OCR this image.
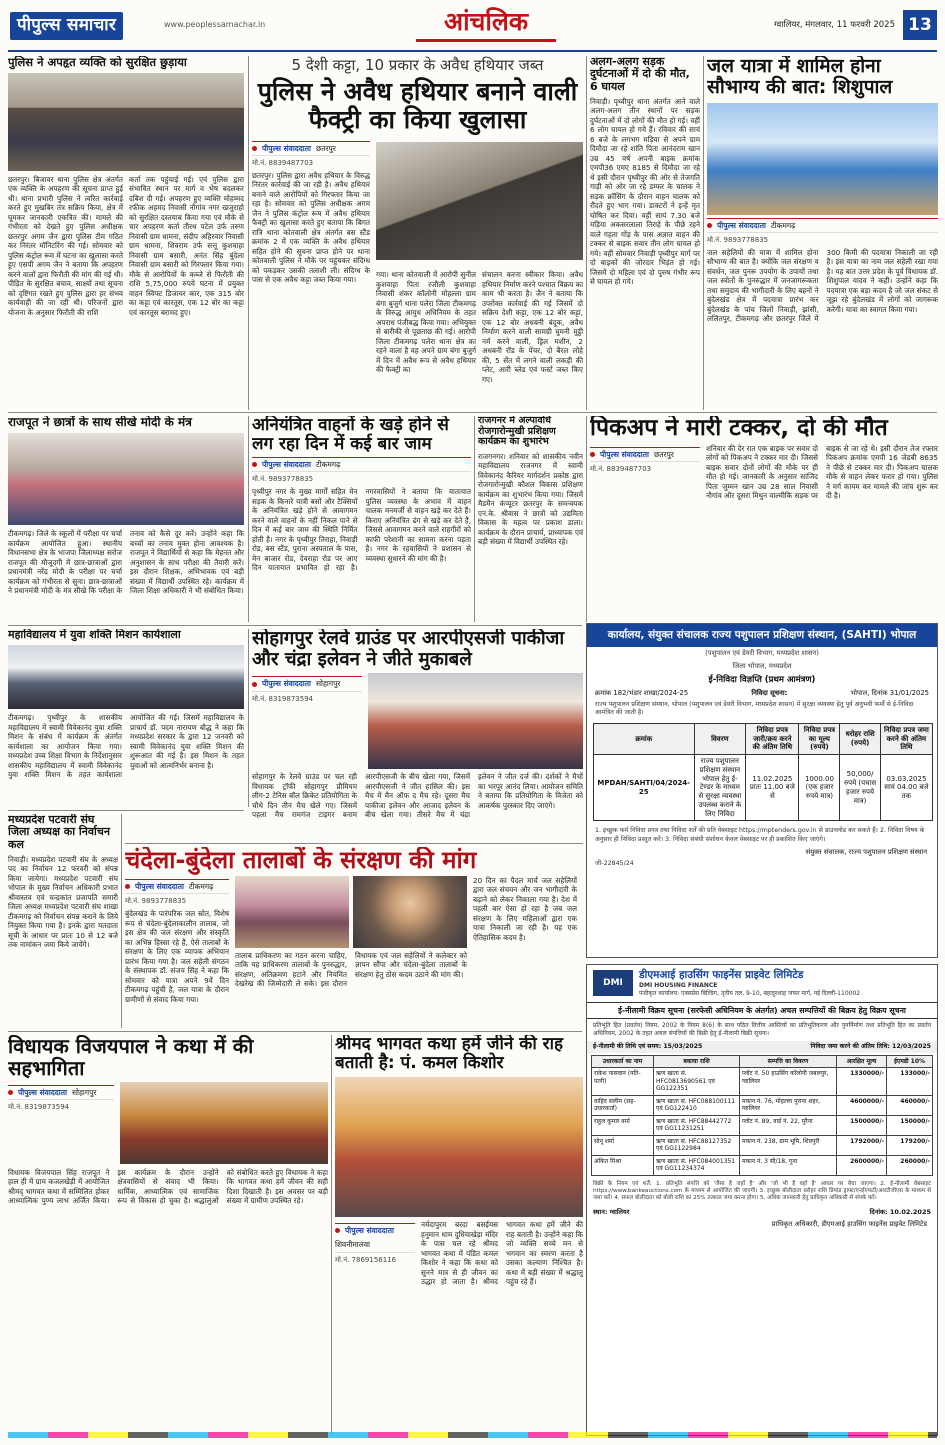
पीपुल्स समाचार	www.peoplessamachar.in	आंचलिक	ग्वालियर, मंगलवार, 11 फरवरी 2025 13
पुलिस ने अपहृत व्यक्ति को सुरक्षित छुड़ाया
छतरपुर। बिजावर थाना पुलिस क्षेत्र अंतर्गत एक व्यक्ति के अपहरण की सूचना प्राप्त हुई थी। थाना प्रभारी पुलिस ने त्वरित कार्रवाई करते हुए मुखबिर तंत्र सक्रिय किया, क्षेत्र में घूमकर जानकारी एकत्रित की। मामले की गंभीरता को देखते हुए पुलिस अधीक्षक छतरपुर अगम जैन द्वारा पुलिस टीम गठित कर निरंतर मॉनिटरिंग की गई। सोमवार को पुलिस कंट्रोल रूम में घटना का खुलासा करते हुए एसपी अगम जैन ने बताया कि अपहरण करने वालों द्वारा फिरौती की मांग की गई थी। पीड़ित के सुरक्षित बचाव, साक्ष्यों तथा सूचना को दृष्टिगत रखते हुए पुलिस द्वारा हर संभव कार्यवाही की जा रही थी। परिजनों द्वारा योजना के अनुसार फिरौती की राशि
कर्ता तक पहुंचाई गई। एवं पुलिस द्वारा संभावित स्थान पर मार्ग व भेष बदलकर दबिश दी गई। अपहरण हुए व्यक्ति मोहम्मद रफीक अहमद निवासी नौगांव नगर खजुराहो को सुरक्षित दस्तयाब किया गया एवं मौके से चार अपहरण कर्ता तीरथ पटेल उर्फ तरुण निवासी ग्राम धामना, संदीप अहिरवार निवासी ग्राम धामना, शिवराम उर्फ सत्तू कुशवाहा निवासी ग्राम बसारी, अनंत सिंह बुंदेला निवासी ग्राम बसारी को गिरफ्तार किया गया। मौके से आरोपियों के कब्जे से फिरौती की राशि 5,75,000 रुपये घटना में प्रयुक्त वाहन स्विफ्ट डिजायर कार, एक 315 बोर का कट्टा एवं कारतूस, एक 12 बोर का कट्टा एवं कारतूस बरामद हुए।
5 देशी कट्टा, 10 प्रकार के अवैध हथियार जब्त
पुलिस ने अवैध हथियार बनाने वाली फैक्ट्री का किया खुलासा
पीपुल्स संवाददाता छतरपुर
मो.नं. 8839487703
छतरपुर। पुलिस द्वारा अवैध हथियार के विरुद्ध निरंतर कार्रवाई की जा रही है। अवैध हथियार बनाने वाले आरोपियों को गिरफ्तार किया जा रहा है। सोमवार को पुलिस अधीक्षक अगम जैन ने पुलिस कंट्रोल रूम में अवैध हथियार फैक्ट्री का खुलासा करते हुए बताया कि बिगत रात्रि थाना कोतवाली क्षेत्र अंतर्गत बस स्टैंड क्रमांक 2 में एक व्यक्ति के अवैध हथियार सहित होने की सूचना प्राप्त होने पर थाना कोतवाली पुलिस ने मौके पर पहुंचकर संदिग्ध को पकड़कर उसकी तलाशी ली। संदिग्ध के पास से एक अवैध कट्टा जब्त किया गया।
गया। थाना कोतवाली में आरोपी सुनील कुशवाहा पिता रजौली कुशवाहा निवासी शंकर कॉलोनी मोहल्ला ग्राम बंगा बुजुर्ग थाना पलेरा जिला टीकमगढ़ के विरुद्ध आयुध अधिनियम के तहत अपराध पंजीबद्ध किया गया। अभियुक्त से बारीकी से पूछताछ की गई। आरोपी जिला टीकमगढ़ पलेरा थाना क्षेत्र का रहने वाला है वह अपने ग्राम बंगा बुजुर्ग में दिन में अवैध रूप से अवैध हथियार की फैक्ट्री का
संचालन करना स्वीकार किया। अवैध हथियार निर्माण करने पश्चात विक्रय का काम भी करता है। जैन ने बताया कि उपरोक्त कार्रवाई की गई जिसमें दो सक्रिय देशी कट्टा, एक 12 बोर कट्टा, एक 12 बोर अधबनी बंदूक, अवैध निर्माण करने वाली सामग्री घुमनी मुट्ठी नर्म करने वाली, ड्रिल मशीन, 2 अधबनी रॉड के पेंचर, दो बैरल लोहे की, 5 सेंत में लगने वाली लकड़ी की प्लेट, आरी ब्लेड एवं फर्स्ट जब्त किए गए।
अलग-अलग सड़क दुर्घटनाओं में दो की मौत, 6 घायल
निवाड़ी। पृथ्वीपुर थाना अंतर्गत आने वाले अलग-अलग तीन स्थानों पर सड़क दुर्घटनाओं में दो लोगों की मौत हो गई। वहीं 6 लोग घायल हो गये हैं। रविवार की सायं 6 बजे के लगभग मड़िया से अपने ग्राम दिमौदा जा रहे शांति पिता आनंदराम खान उम्र 45 वर्ष अपनी बाइक क्रमांक एमपी36 एमए 8185 से दिमौदा जा रहे थे इसी दौरान पृथ्वीपुर की ओर से तेजगति गाड़ी को ओर जा रहे डम्फर के चालक ने सड़क क्रॉसिंग के दौरान वाहन चालक को रौंदते हुए भाग गया। डाक्टरों ने इन्हें मृत घोषित कर दिया। वहीं सायं 7.30 बजे मड़िया अकसरलाला तिराहे के पीछे रहने वाले गहता गोंड़ के पास अज्ञात वाहन की टक्कर से बाइक सवार तीन लोग घायल हो गये। वहीं सोमवार निवाड़ी पृथ्वीपुर मार्ग पर दो बाइकों की जोरदार भिड़ंत हो गई। जिसमें दो महिला एवं दो पुरुष गंभीर रूप से घायल हो गये।
जल यात्रा में शामिल होना सौभाग्य की बात: शिशुपाल
पीपुल्स संवाददाता टीकमगढ़
मो.नं. 9893778835
जल सहेलियों की यात्रा में शामिल होना सौभाग्य की बात है। क्योंकि जल संरक्षण व संवर्धन, जल पुनरू उपयोग के उपायों तथा जल स्त्रोतों के पुनरुद्धार में जनजागरूकता तथा समुदाय की भागीदारी के लिए बहनों ने बुंदेलखंड क्षेत्र में पदयात्रा प्रारंभ कर बुंदेलखंड के पांच जिलों निवाड़ी, झांसी, ललितपुर, टीकमगढ़ और छतरपुर जिले में 300 किमी की पदयात्रा निकाली जा रही है। इस यात्रा का नाम जल सहेली रखा गया है। यह बात उत्तर प्रदेश के पूर्व विधायक डॉ. शिशुपाल यादव ने कही। उन्होंने कहा कि पदयात्रा एक बड़ा कदम है जो जल संकट से जूझ रहे बुंदेलखंड में लोगों को जागरूक करेगी। यात्रा का स्वागत किया गया।
राजपूत ने छात्रों के साथ सीखे मोदी के मंत्र
टीकमगढ़। जिले के स्कूलों में परीक्षा पर चर्चा कार्यक्रम आयोजित हुआ। स्थानीय विधानसभा क्षेत्र के भाजपा जिलाध्यक्ष सरोज राजपूत की मौजूदगी में छात्र-छात्राओं द्वारा प्रधानमंत्री नरेंद्र मोदी के परीक्षा पर चर्चा कार्यक्रम को गंभीरता से सुना। छात्र-छात्राओं ने प्रधानमंत्री मोदी के मंत्र सीखे कि परीक्षा के तनाव को कैसे दूर करें। उन्होंने कहा कि बच्चों का तनाव मुक्त होना आवश्यक है। राजपूत ने विद्यार्थियों से कहा कि मेहनत और अनुशासन के साथ परीक्षा की तैयारी करें। इस दौरान शिक्षक, अभिभावक एवं बड़ी संख्या में विद्यार्थी उपस्थित रहे। कार्यक्रम में जिला शिक्षा अधिकारी ने भी संबोधित किया।
अनियंत्रित वाहनों के खड़े होने से लग रहा दिन में कई बार जाम
पीपुल्स संवाददाता टीकमगढ़
मो.नं. 9893778835
पृथ्वीपुर नगर के मुख्य मार्गों सहित मेन सड़क के किनारे यात्री बसों और टैक्सियों के अनियंत्रित खड़े होने से आवागमन करने वाले वाहनों के नहीं निकल पाने से दिन में कई बार जाम की स्थिति निर्मित होती है। नगर के पृथ्वीपुर तिराहा, निवाड़ी रोड, बस स्टैंड, पुराना अस्पताल के पास, मेन बाजार रोड, देवराहा रोड पर आए दिन यातायात प्रभावित हो रहा है। नगरवासियों ने बताया कि यातायात पुलिस व्यवस्था के अभाव में वाहन चालक मनमर्जी से वाहन खड़े कर देते हैं। किराए अनियंत्रित ढंग से खड़े कर देते हैं, जिससे आवागमन करने वाले राहगीरों को काफी परेशानी का सामना करना पड़ता है। नगर के रहवासियों ने प्रशासन से व्यवस्था सुधारने की मांग की है।
राजगनर में अल्पावधि रोजगारोन्मुखी प्रशिक्षण कार्यक्रम का शुभारंभ
राजगनगर। शनिवार को शासकीय नवीन महाविद्यालय राजनगर में स्वामी विवेकानंद कैरियर मार्गदर्शन प्रकोष्ठ द्वारा रोजगारोन्मुखी कौशल विकास प्रशिक्षण कार्यक्रम का शुभारंभ किया गया। जिसमें मैडमैन कंप्यूटर छतरपुर के समन्वयक एन.के. श्रीवास ने छात्रों को उद्यमिता विकास के महत्व पर प्रकाश डाला। कार्यक्रम के दौरान प्राचार्य, प्राध्यापक एवं बड़ी संख्या में विद्यार्थी उपस्थित रहे।
पिकअप ने मारी टक्कर, दो की मौत
पीपुल्स संवाददाता छतरपुर
मो.नं. 8839487703
शनिवार की देर रात एक बाइक पर सवार दो लोगों को पिकअप ने टक्कर मार दी। जिससे बाइक सवार दोनों लोगों की मौके पर ही मौत हो गई। जानकारी के अनुसार साजिद पिता जुम्मन खान उम्र 28 साल निवासी नौगांव और दूसरा मिथुन वाल्मीकि सड़क पर बाइक से जा रहे थे। इसी दौरान तेज रफ्तार पिकअप क्रमांक एमपी 16 जेडबी 8635 ने पीछे से टक्कर मार दी। पिकअप चालक मौके से वाहन लेकर फरार हो गया। पुलिस ने मर्ग कायम कर मामले की जांच शुरू कर दी है।
कार्यालय, संयुक्त संचालक राज्य पशुपालन प्रशिक्षण संस्थान, (SAHTI) भोपाल
(पशुपालन एवं डेयरी विभाग, मध्यप्रदेश शासन)
जिला भोपाल, मध्यप्रदेश
ई-निविदा विज्ञप्ति (प्रथम आमंत्रण)
क्रमांक 182/भंडार शाखा/2024-25	निविदा सूचना:	भोपाल, दिनांक 31/01/2025
राज्य पशुपालन प्रशिक्षण संस्थान, भोपाल (पशुपालन एवं डेयरी विभाग, मध्यप्रदेश शासन) में सुरक्षा व्यवस्था हेतु पूर्व अनुभवी फर्मों से ई-निविदा आमंत्रित की जाती है।
क्रमांक	विवरण	निविदा प्रपत्र जारी/क्रय करने की अंतिम तिथि	निविदा प्रपत्र का मूल्य (रुपये)	धरोहर राशि (रुपये)	निविदा प्रपत्र जमा करने की अंतिम तिथि
MPDAH/SAHTI/04/2024-25	राज्य पशुपालन प्रशिक्षण संस्थान भोपाल हेतु ई-टेण्डर के माध्यम से सुरक्षा व्यवस्था उपलब्ध कराने के लिए निविदा	11.02.2025 प्रातः 11.00 बजे से	1000.00 (एक हजार रुपये मात्र)	50,000/रुपये (पचास हजार रुपये मात्र)	03.03.2025 सायं 04.00 बजे तक
1. इच्छुक फर्म निविदा प्रपत्र तथा निविदा शर्तें की प्रति वेबसाइट https://mptenders.gov.in से डाउनलोड कर सकते हैं। 2. निविदा विषय के अनुसार ही निविदा प्रस्तुत करें। 3. निविदा संबंधी संशोधन केवल वेबसाइट पर ही प्रकाशित किए जाएंगे।
संयुक्त संचालक, राज्य पशुपालन प्रशिक्षण संस्थान
जी-22845/24
महाविद्यालय में युवा शक्ति मिशन कार्यशाला
टीकमगढ़। पृथ्वीपुर के शासकीय महाविद्यालय में स्वामी विवेकानंद युवा शक्ति मिशन के संबंध में कार्यक्रम के अंतर्गत कार्यशाला का आयोजन किया गया। मध्यप्रदेश उच्च शिक्षा विभाग के निर्देशानुसार शासकीय महाविद्यालय में स्वामी विवेकानंद युवा शक्ति मिशन के तहत कार्यशाला आयोजित की गई। जिसमें महाविद्यालय के प्राचार्य डॉ. पदम नारायण बौद्ध ने कहा कि मध्यप्रदेश सरकार के द्वारा 12 जनवरी को स्वामी विवेकानंद युवा शक्ति मिशन की शुरूआत की गई है। इस मिशन के तहत युवाओं को आत्मनिर्भर बनाना है।
सोहागपुर रेलवे ग्राउंड पर आरपीएसजी पाकीजा और चंद्रा इलेवन ने जीते मुकाबले
पीपुल्स संवाददाता सोहागपुर
मो.नं. 8319873594
सोहागपुर के रेलवे ग्राउंड पर चल रही विधायक ट्रॉफी सोहागपुर प्रीमियम लीग-2 टेनिस बॉल क्रिकेट प्रतियोगिता के चौथे दिन तीन मैच खेले गए। जिसमें पहला मैच रामगंज टाइगर बनाम आरपीएसजी के बीच खेला गया, जिसमें आरपीएसजी ने जीत हासिल की। इस मैच में मैन ऑफ द मैच रहे। दूसरा मैच पाकीजा इलेवन और आजाद इलेवन के बीच खेला गया। तीसरे मैच में चंद्रा इलेवन ने जीत दर्ज की। दर्शकों ने मैचों का भरपूर आनंद लिया। आयोजन समिति ने बताया कि प्रतियोगिता के विजेता को आकर्षक पुरस्कार दिए जाएंगे।
मध्यप्रदेश पटवारी संघ जिला अध्यक्ष का निर्वाचन कल
निवाड़ी। मध्यप्रदेश पटवारी संघ के अध्यक्ष पद का निर्वाचन 12 फरवरी को संपन्न किया जायेगा। मध्यप्रदेश पटवारी संघ भोपाल के मुख्य निर्वाचन अधिकारी प्रभात श्रीवास्तव एवं चन्द्रकांत प्रजापति समारी जिला अध्यक्ष मध्यप्रदेश पटवारी संघ शाखा टीकमगढ़ को निर्वाचन संपन्न कराने के लिये नियुक्त किया गया है। इनके द्वारा मतदाता सूची के आधार पर प्रातः 10 से 12 बजे तक नामांकन जमा किये जायेंगे।
चंदेला-बुंदेला तालाबों के संरक्षण की मांग
पीपुल्स संवाददाता टीकमगढ़
मो.नं. 9893778835
बुंदेलखंड के पारंपरिक जल स्रोत, विशेष रूप से चंदेला-बुंदेलाकालीन तालाब, जो इस क्षेत्र की जल संरक्षण और संस्कृति का अभिन्न हिस्सा रहे हैं, ऐसे तालाबों के संरक्षण के लिए एक व्यापक अभियान प्रारंभ किया गया है। जल सहेली संगठन के संस्थापक डॉ. संजय सिंह ने कहा कि सोमवार को यात्रा अपने 9वें दिन टीकमगढ़ पहुंची है, जल यात्रा के दौरान ग्रामीणों से संवाद किया गया।
तालाब प्राधिकरण का गठन करना चाहिए, ताकि यह प्राधिकरण तालाबों के पुनरुद्धार, संरक्षण, अतिक्रमण हटाने और नियमित देखरेख की जिम्मेदारी ले सके। इस दौरान विधायक एवं जल सहेलियों ने कलेक्टर को ज्ञापन सौंपा और चंदेला-बुंदेला तालाबों के संरक्षण हेतु ठोस कदम उठाने की मांग की।
20 दिन का पैदल मार्च जल सहेलियों द्वारा जल संचयन और जन भागीदारी के बढ़ाने को लेकर निकाला गया है। देश में पहली बार ऐसा हो रहा है जब जल संरक्षण के लिए महिलाओं द्वारा एक यात्रा निकाली जा रही है। यह एक ऐतिहासिक कदम है।
विधायक विजयपाल ने कथा में की सहभागिता
पीपुल्स संवाददाता सोहागपुर
मो.नं. 8319873594
विधायक विजयपाल सिंह राजपूत ने हाल ही में ग्राम कजलखेड़ी में आयोजित श्रीमद् भागवत कथा में सम्मिलित होकर आध्यात्मिक पुण्य लाभ अर्जित किया। इस कार्यक्रम के दौरान उन्होंने क्षेत्रवासियों से संवाद भी किया। धार्मिक, आध्यात्मिक एवं सामाजिक रूप से विकास हो चुका है। श्रद्धालुओं को संबोधित करते हुए विधायक ने कहा कि भागवत कथा हमें जीवन की सही दिशा दिखाती है। इस अवसर पर बड़ी संख्या में ग्रामीण उपस्थित रहे।
श्रीमद भागवत कथा हमें जीने की राह बताती है: पं. कमल किशोर
पीपुल्स संवाददाता
शिवनीमालवा
मो.नं. 7869156116
नर्मदापुरम बरदा बसईयस हनुमान धाम दुधियाखेड़ा मंदिर के पास चल रहे श्रीमद भागवत कथा में पंडित कमल किशोर ने कहा कि कथा को सुनने मात्र से ही जीवन का उद्धार हो जाता है। श्रीमद भागवत कथा हमें जीने की राह बताती है। उन्होंने कहा कि जो व्यक्ति सच्चे मन से भगवान का स्मरण करता है उसका कल्याण निश्चित है। कथा में बड़ी संख्या में श्रद्धालु पहुंच रहे हैं।
DMI
डीएमआई हाउसिंग फाइनेंस प्राइवेट लिमिटेड
DMI HOUSING FINANCE
पंजीकृत कार्यालय: एक्सप्रेस बिल्डिंग, तृतीय तल, 9-10, बहादुरशाह जफर मार्ग, नई दिल्ली-110002
ई-नीलामी विक्रय सूचना (सरफेसी अधिनियम के अंतर्गत) अचल सम्पत्तियों की बिक्रय हेतु विक्रय सूचना
प्रतिभूति हित (प्रवर्तन) नियम, 2002 के नियम 8(6) के साथ पठित वित्तीय आस्तियों का प्रतिभूतिकरण और पुनर्निर्माण तथा प्रतिभूति हित का प्रवर्तन अधिनियम, 2002 के तहत अचल संपत्तियों की बिक्री हेतु ई-नीलामी बिक्री सूचना।
ई-नीलामी की तिथि एवं समय: 15/03/2025	निविदा जमा करने की अंतिम तिथि: 12/03/2025
उधारकर्ता का नाम	बकाया राशि	सम्पत्ति का विवरण	आरक्षित मूल्य	ईएमडी 10%
राकेश पासवान (पति-पत्नी)	ऋण खाता सं. HFC0813690561 एवं GG122351	प्लॉट नं. 50 हाउसिंग कॉलोनी जबलपुर, ग्वालियर	1330000/-	133000/-
वाहिद सलीम (सह-उधारकर्ता)	ऋण खाता सं. HFC088100111 एवं GG122410	मकान नं. 76, मोहल्ला पुराना शहर, ग्वालियर	4600000/-	460000/-
राहुल कुमार वर्मा	ऋण खाता सं. HFC88442772 एवं GG11231251	प्लॉट नं. 89, वार्ड नं. 22, मुरैना	1500000/-	150000/-
सोनू शर्मा	ऋण खाता सं. HFC88127352 एवं GG1122984	मकान नं. 238, ग्राम भूमि, शिवपुरी	1792000/-	179200/-
अंकित मिश्रा	ऋण खाता सं. HFC084001351 एवं GG11234374	मकान नं. 3 सी/18, गुना	2600000/-	260000/-
बिक्री के नियम एवं शर्तें: 1. प्रतिभूति संपत्ति को 'जैसा है जहाँ है' और 'जो भी है वहाँ है' आधार पर बेचा जाएगा। 2. ई-नीलामी वेबसाइट https://www.bankeauctions.com के माध्यम से आयोजित की जाएगी। 3. इच्छुक बोलीदाता धरोहर राशि डिमांड ड्राफ्ट/एनईएफटी/आरटीजीएस के माध्यम से जमा करें। 4. सफल बोलीदाता को बोली राशि का 25% तत्काल जमा करना होगा। 5. अधिक जानकारी हेतु प्राधिकृत अधिकारी से संपर्क करें।
स्थान: ग्वालियर	दिनांक: 10.02.2025
प्राधिकृत अधिकारी, डीएमआई हाउसिंग फाइनेंस प्राइवेट लिमिटेड
